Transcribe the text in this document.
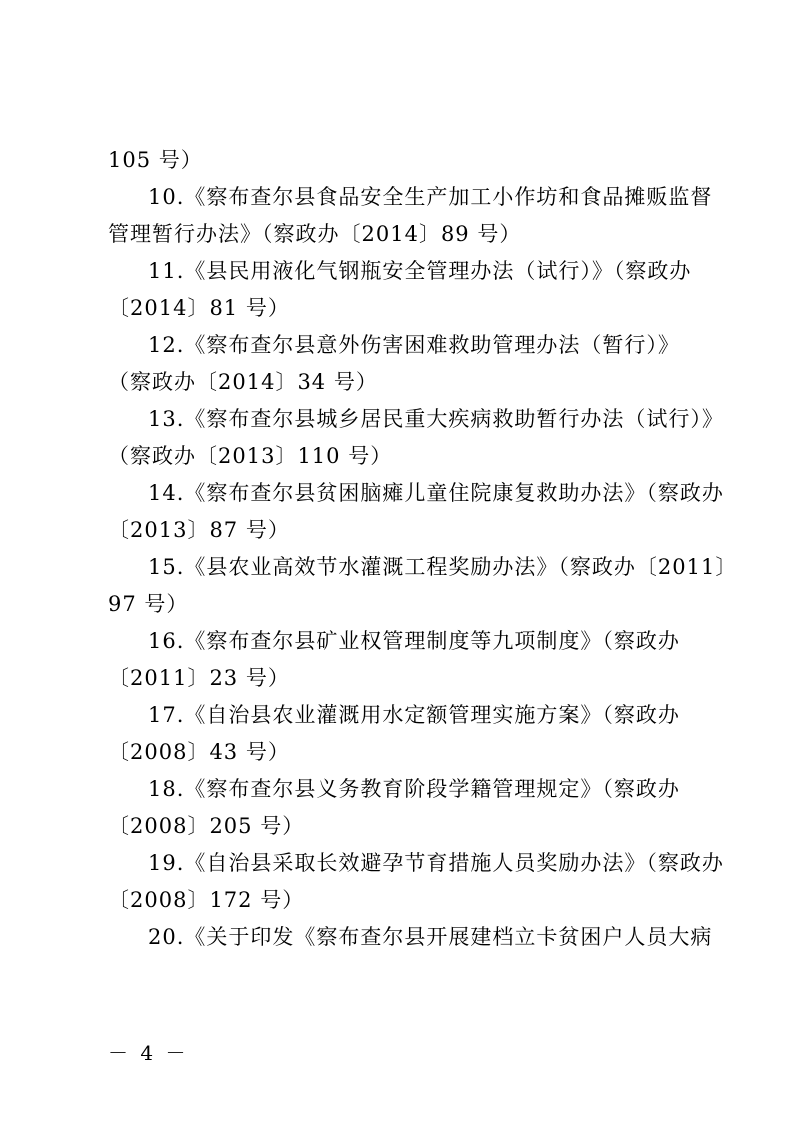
105 号）
10.《察布查尔县食品安全生产加工小作坊和食品摊贩监督
管理暂行办法》（察政办〔2014〕89 号）
11.《县民用液化气钢瓶安全管理办法（试行）》（察政办
〔2014〕81 号）
12.《察布查尔县意外伤害困难救助管理办法（暂行）》
（察政办〔2014〕34 号）
13.《察布查尔县城乡居民重大疾病救助暂行办法（试行）》
（察政办〔2013〕110 号）
14.《察布查尔县贫困脑瘫儿童住院康复救助办法》（察政办
〔2013〕87 号）
15.《县农业高效节水灌溉工程奖励办法》（察政办〔2011〕
97 号）
16.《察布查尔县矿业权管理制度等九项制度》（察政办
〔2011〕23 号）
17.《自治县农业灌溉用水定额管理实施方案》（察政办
〔2008〕43 号）
18.《察布查尔县义务教育阶段学籍管理规定》（察政办
〔2008〕205 号）
19.《自治县采取长效避孕节育措施人员奖励办法》（察政办
〔2008〕172 号）
20.《关于印发《察布查尔县开展建档立卡贫困户人员大病
－ 4 －
